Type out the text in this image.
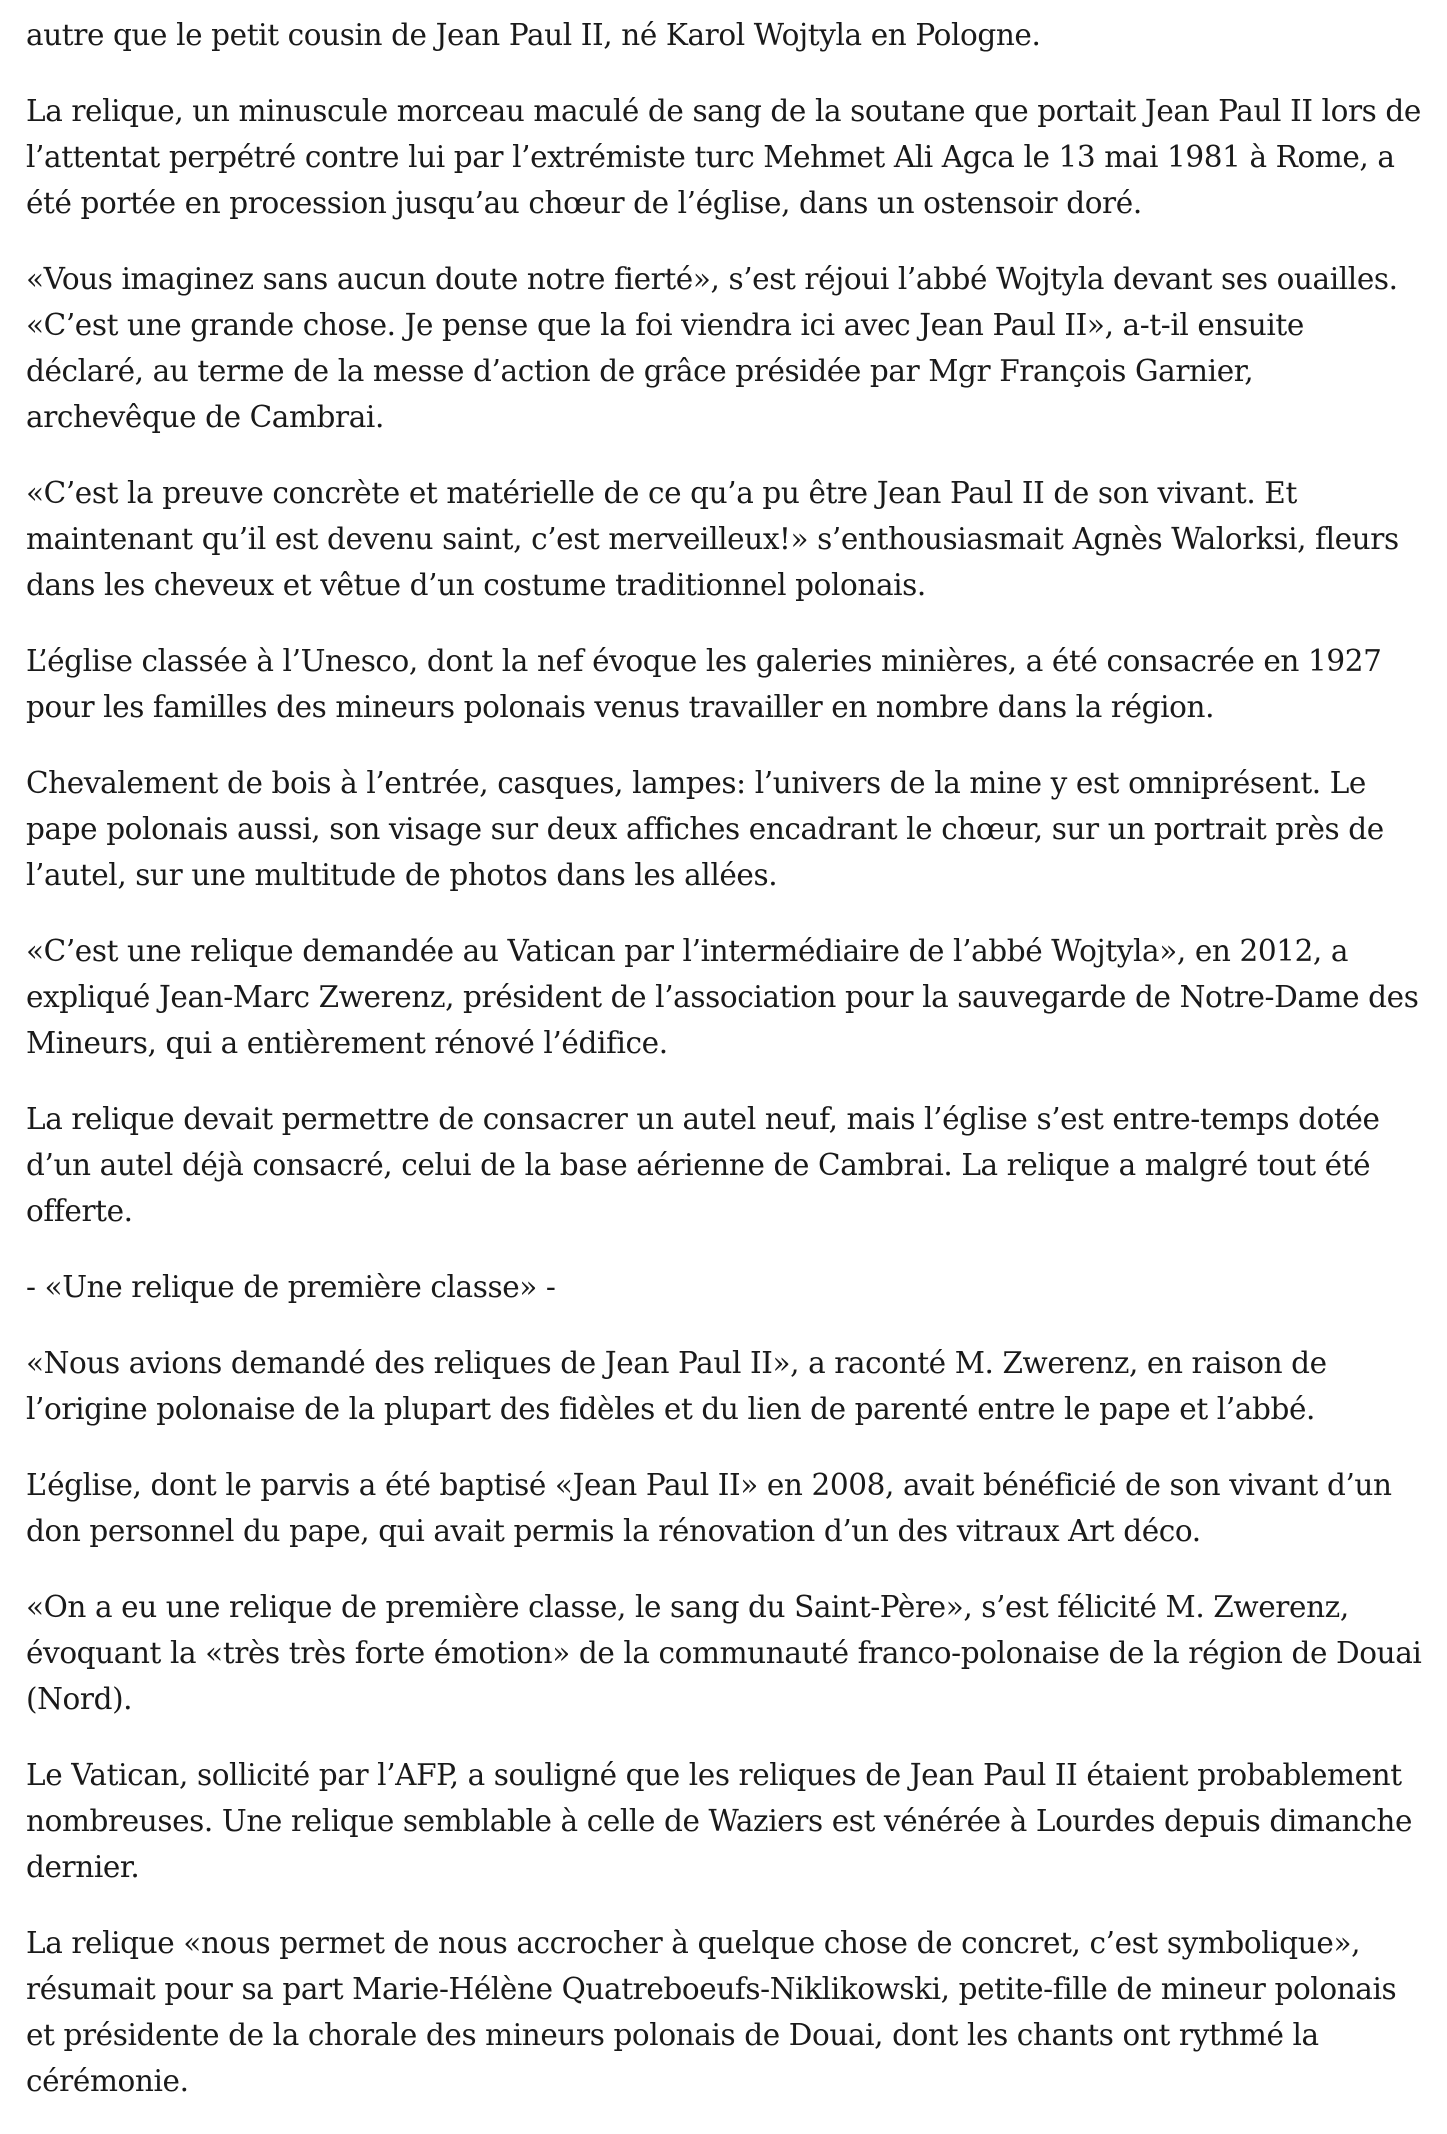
autre que le petit cousin de Jean Paul II, né Karol Wojtyla en Pologne.

La relique, un minuscule morceau maculé de sang de la soutane que portait Jean Paul II lors de l’attentat perpétré contre lui par l’extrémiste turc Mehmet Ali Agca le 13 mai 1981 à Rome, a été portée en procession jusqu’au chœur de l’église, dans un ostensoir doré.

«Vous imaginez sans aucun doute notre fierté», s’est réjoui l’abbé Wojtyla devant ses ouailles. «C’est une grande chose. Je pense que la foi viendra ici avec Jean Paul II», a-t-il ensuite déclaré, au terme de la messe d’action de grâce présidée par Mgr François Garnier, archevêque de Cambrai.

«C’est la preuve concrète et matérielle de ce qu’a pu être Jean Paul II de son vivant. Et maintenant qu’il est devenu saint, c’est merveilleux!» s’enthousiasmait Agnès Walorksi, fleurs dans les cheveux et vêtue d’un costume traditionnel polonais.

L’église classée à l’Unesco, dont la nef évoque les galeries minières, a été consacrée en 1927 pour les familles des mineurs polonais venus travailler en nombre dans la région.

Chevalement de bois à l’entrée, casques, lampes: l’univers de la mine y est omniprésent. Le pape polonais aussi, son visage sur deux affiches encadrant le chœur, sur un portrait près de l’autel, sur une multitude de photos dans les allées.

«C’est une relique demandée au Vatican par l’intermédiaire de l’abbé Wojtyla», en 2012, a expliqué Jean-Marc Zwerenz, président de l’association pour la sauvegarde de Notre-Dame des Mineurs, qui a entièrement rénové l’édifice.

La relique devait permettre de consacrer un autel neuf, mais l’église s’est entre-temps dotée d’un autel déjà consacré, celui de la base aérienne de Cambrai. La relique a malgré tout été offerte.

- «Une relique de première classe» -

«Nous avions demandé des reliques de Jean Paul II», a raconté M. Zwerenz, en raison de l’origine polonaise de la plupart des fidèles et du lien de parenté entre le pape et l’abbé.

L’église, dont le parvis a été baptisé «Jean Paul II» en 2008, avait bénéficié de son vivant d’un don personnel du pape, qui avait permis la rénovation d’un des vitraux Art déco.

«On a eu une relique de première classe, le sang du Saint-Père», s’est félicité M. Zwerenz, évoquant la «très très forte émotion» de la communauté franco-polonaise de la région de Douai (Nord).

Le Vatican, sollicité par l’AFP, a souligné que les reliques de Jean Paul II étaient probablement nombreuses. Une relique semblable à celle de Waziers est vénérée à Lourdes depuis dimanche dernier.

La relique «nous permet de nous accrocher à quelque chose de concret, c’est symbolique», résumait pour sa part Marie-Hélène Quatreboeufs-Niklikowski, petite-fille de mineur polonais et présidente de la chorale des mineurs polonais de Douai, dont les chants ont rythmé la cérémonie.
